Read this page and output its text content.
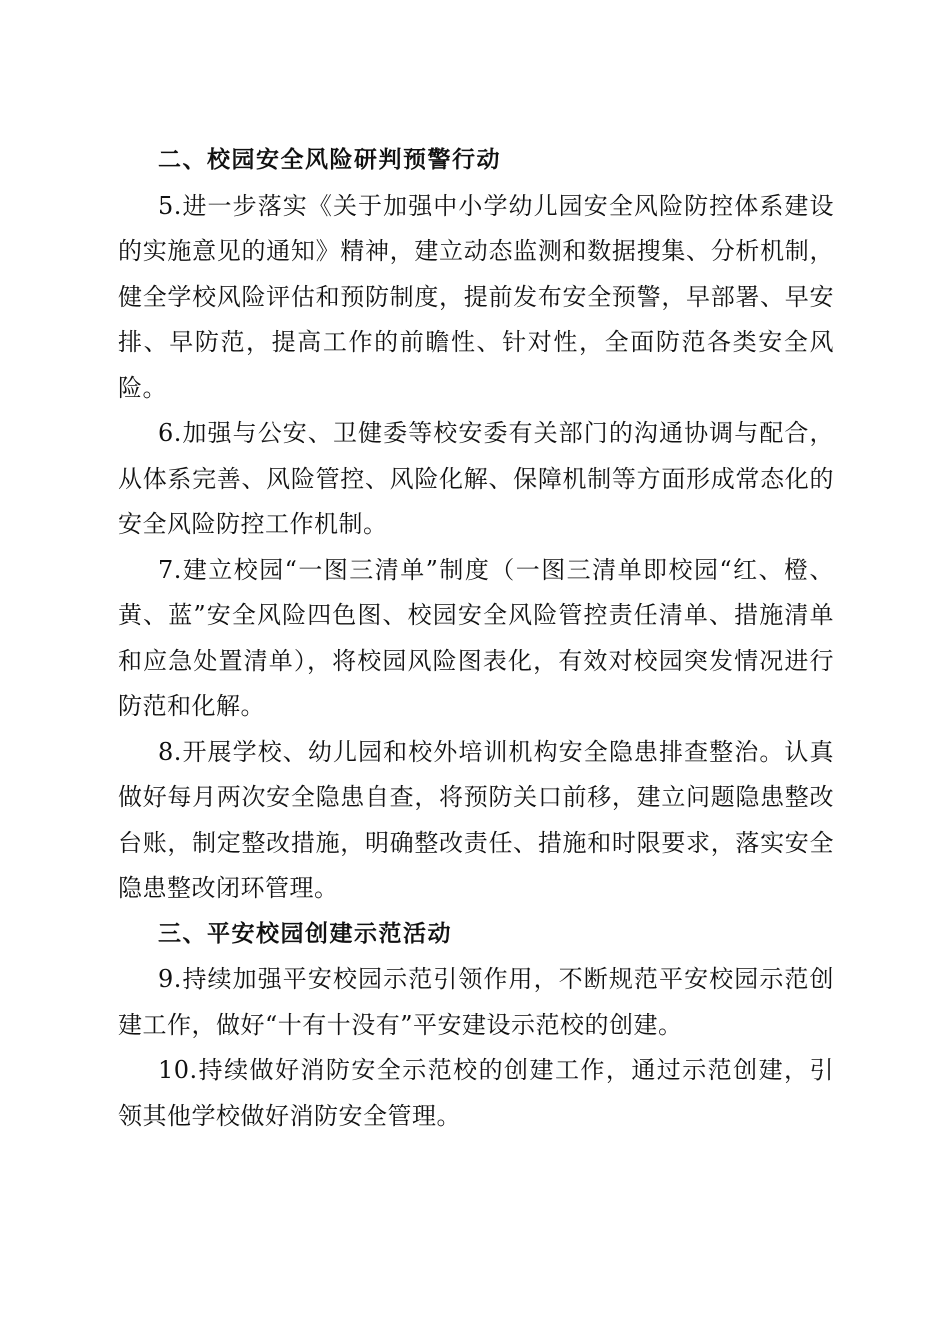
二、校园安全风险研判预警行动

5.进一步落实《关于加强中小学幼儿园安全风险防控体系建设的实施意见的通知》精神，建立动态监测和数据搜集、分析机制，健全学校风险评估和预防制度，提前发布安全预警，早部署、早安排、早防范，提高工作的前瞻性、针对性，全面防范各类安全风险。

6.加强与公安、卫健委等校安委有关部门的沟通协调与配合，从体系完善、风险管控、风险化解、保障机制等方面形成常态化的安全风险防控工作机制。

7.建立校园“一图三清单”制度（一图三清单即校园“红、橙、黄、蓝”安全风险四色图、校园安全风险管控责任清单、措施清单和应急处置清单），将校园风险图表化，有效对校园突发情况进行防范和化解。

8.开展学校、幼儿园和校外培训机构安全隐患排查整治。认真做好每月两次安全隐患自查，将预防关口前移，建立问题隐患整改台账，制定整改措施，明确整改责任、措施和时限要求，落实安全隐患整改闭环管理。

三、平安校园创建示范活动

9.持续加强平安校园示范引领作用，不断规范平安校园示范创建工作，做好“十有十没有”平安建设示范校的创建。

10.持续做好消防安全示范校的创建工作，通过示范创建，引领其他学校做好消防安全管理。
